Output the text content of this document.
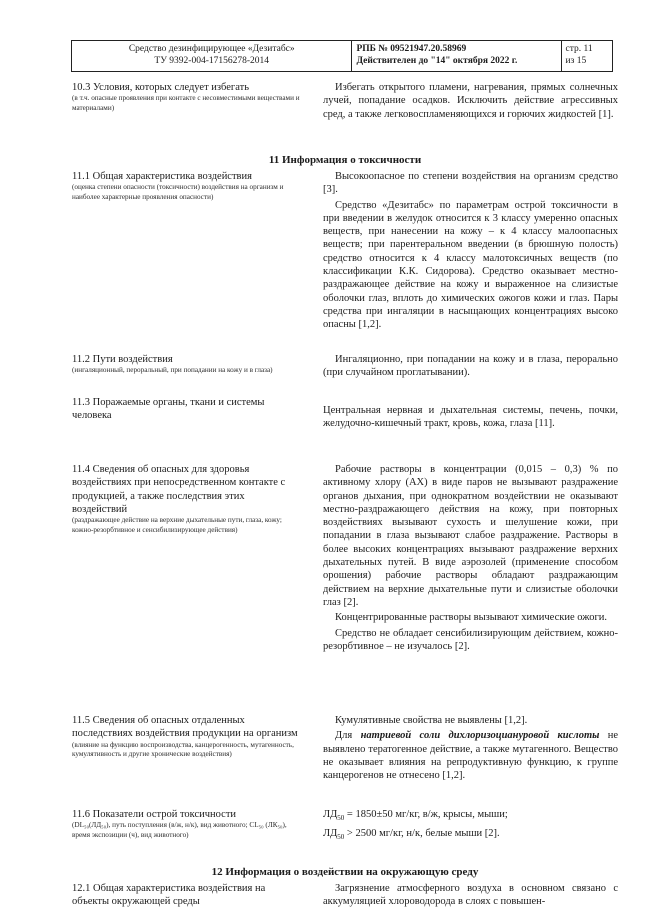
Средство дезинфицирующее «Дезитабс»
ТУ 9392-004-17156278-2014

РПБ № 09521947.20.58969
Действителен до "14" октября 2022 г.

стр. 11
из 15
10.3 Условия, которых следует избегать
(в т.ч. опасные проявления при контакте с несовместимыми веществами и материалами)

Избегать открытого пламени, нагревания, прямых солнечных лучей, попадание осадков. Исключить действие агрессивных сред, а также легковоспламеняющихся и горючих жидкостей [1].

11 Информация о токсичности
11.1 Общая характеристика воздействия
(оценка степени опасности (токсичности) воздействия на организм и наиболее характерные проявления опасности)

Высокоопасное по степени воздействия на организм средство [3].

Средство «Дезитабс» по параметрам острой токсичности в при введении в желудок относится к 3 классу умеренно опасных веществ, при нанесении на кожу – к 4 классу малоопасных веществ; при парентеральном введении (в брюшную полость) средство относится к 4 классу малотоксичных веществ (по классификации К.К. Сидорова). Средство оказывает местно-раздражающее действие на кожу и выраженное на слизистые оболочки глаз, вплоть до химических ожогов кожи и глаз. Пары средства при ингаляции в насыщающих концентрациях высоко опасны [1,2].

11.2 Пути воздействия
(ингаляционный, пероральный, при попадании на кожу и в глаза)

Ингаляционно, при попадании на кожу и в глаза, перорально (при случайном проглатывании).

11.3 Поражаемые органы, ткани и системы человека	Центральная нервная и дыхательная системы, печень, почки, желудочно-кишечный тракт, кровь, кожа, глаза [11].

11.4 Сведения об опасных для здоровья воздействиях при непосредственном контакте с продукцией, а также последствия этих воздействий
(раздражающее действие на верхние дыхательные пути, глаза, кожу; кожно-резорбтивное и сенсибилизирующее действия)

Рабочие растворы в концентрации (0,015 – 0,3) % по активному хлору (АХ) в виде паров не вызывают раздражение органов дыхания, при однократном воздействии не оказывают местно-раздражающего действия на кожу, при повторных воздействиях вызывают сухость и шелушение кожи, при попадании в глаза вызывают слабое раздражение. Растворы в более высоких концентрациях вызывают раздражение верхних дыхательных путей. В виде аэрозолей (применение способом орошения) рабочие растворы обладают раздражающим действием на верхние дыхательные пути и слизистые оболочки глаз [2].

Концентрированные растворы вызывают химические ожоги.

Средство не обладает сенсибилизирующим действием, кожно-резорбтивное – не изучалось [2].

11.5 Сведения об опасных отдаленных последствиях воздействия продукции на организм
(влияние на функцию воспроизводства, канцерогенность, мутагенность, кумулятивность и другие хронические воздействия)

Кумулятивные свойства не выявлены [1,2].

Для натриевой соли дихлоризоциануровой кислоты не выявлено тератогенное действие, а также мутагенного. Вещество не оказывает влияния на репродуктивную функцию, к группе канцерогенов не отнесено [1,2].

11.6 Показатели острой токсичности
(DL₅₀(ЛД₅₀), путь поступления (в/ж, н/к), вид животного; CL₅₀ (ЛК₅₀), время экспозиции (ч), вид животного)

$ЛД_{50} = 1850\pm 50$ мг/кг, в/ж, крысы, мыши;

$ЛД_{50} > 2500$ мг/кг, н/к, белые мыши [2].

12 Информация о воздействии на окружающую среду
12.1 Общая характеристика воздействия на объекты окружающей среды

Загрязнение атмосферного воздуха в основном связано с аккумуляцией хлороводорода в слоях с повышен-
